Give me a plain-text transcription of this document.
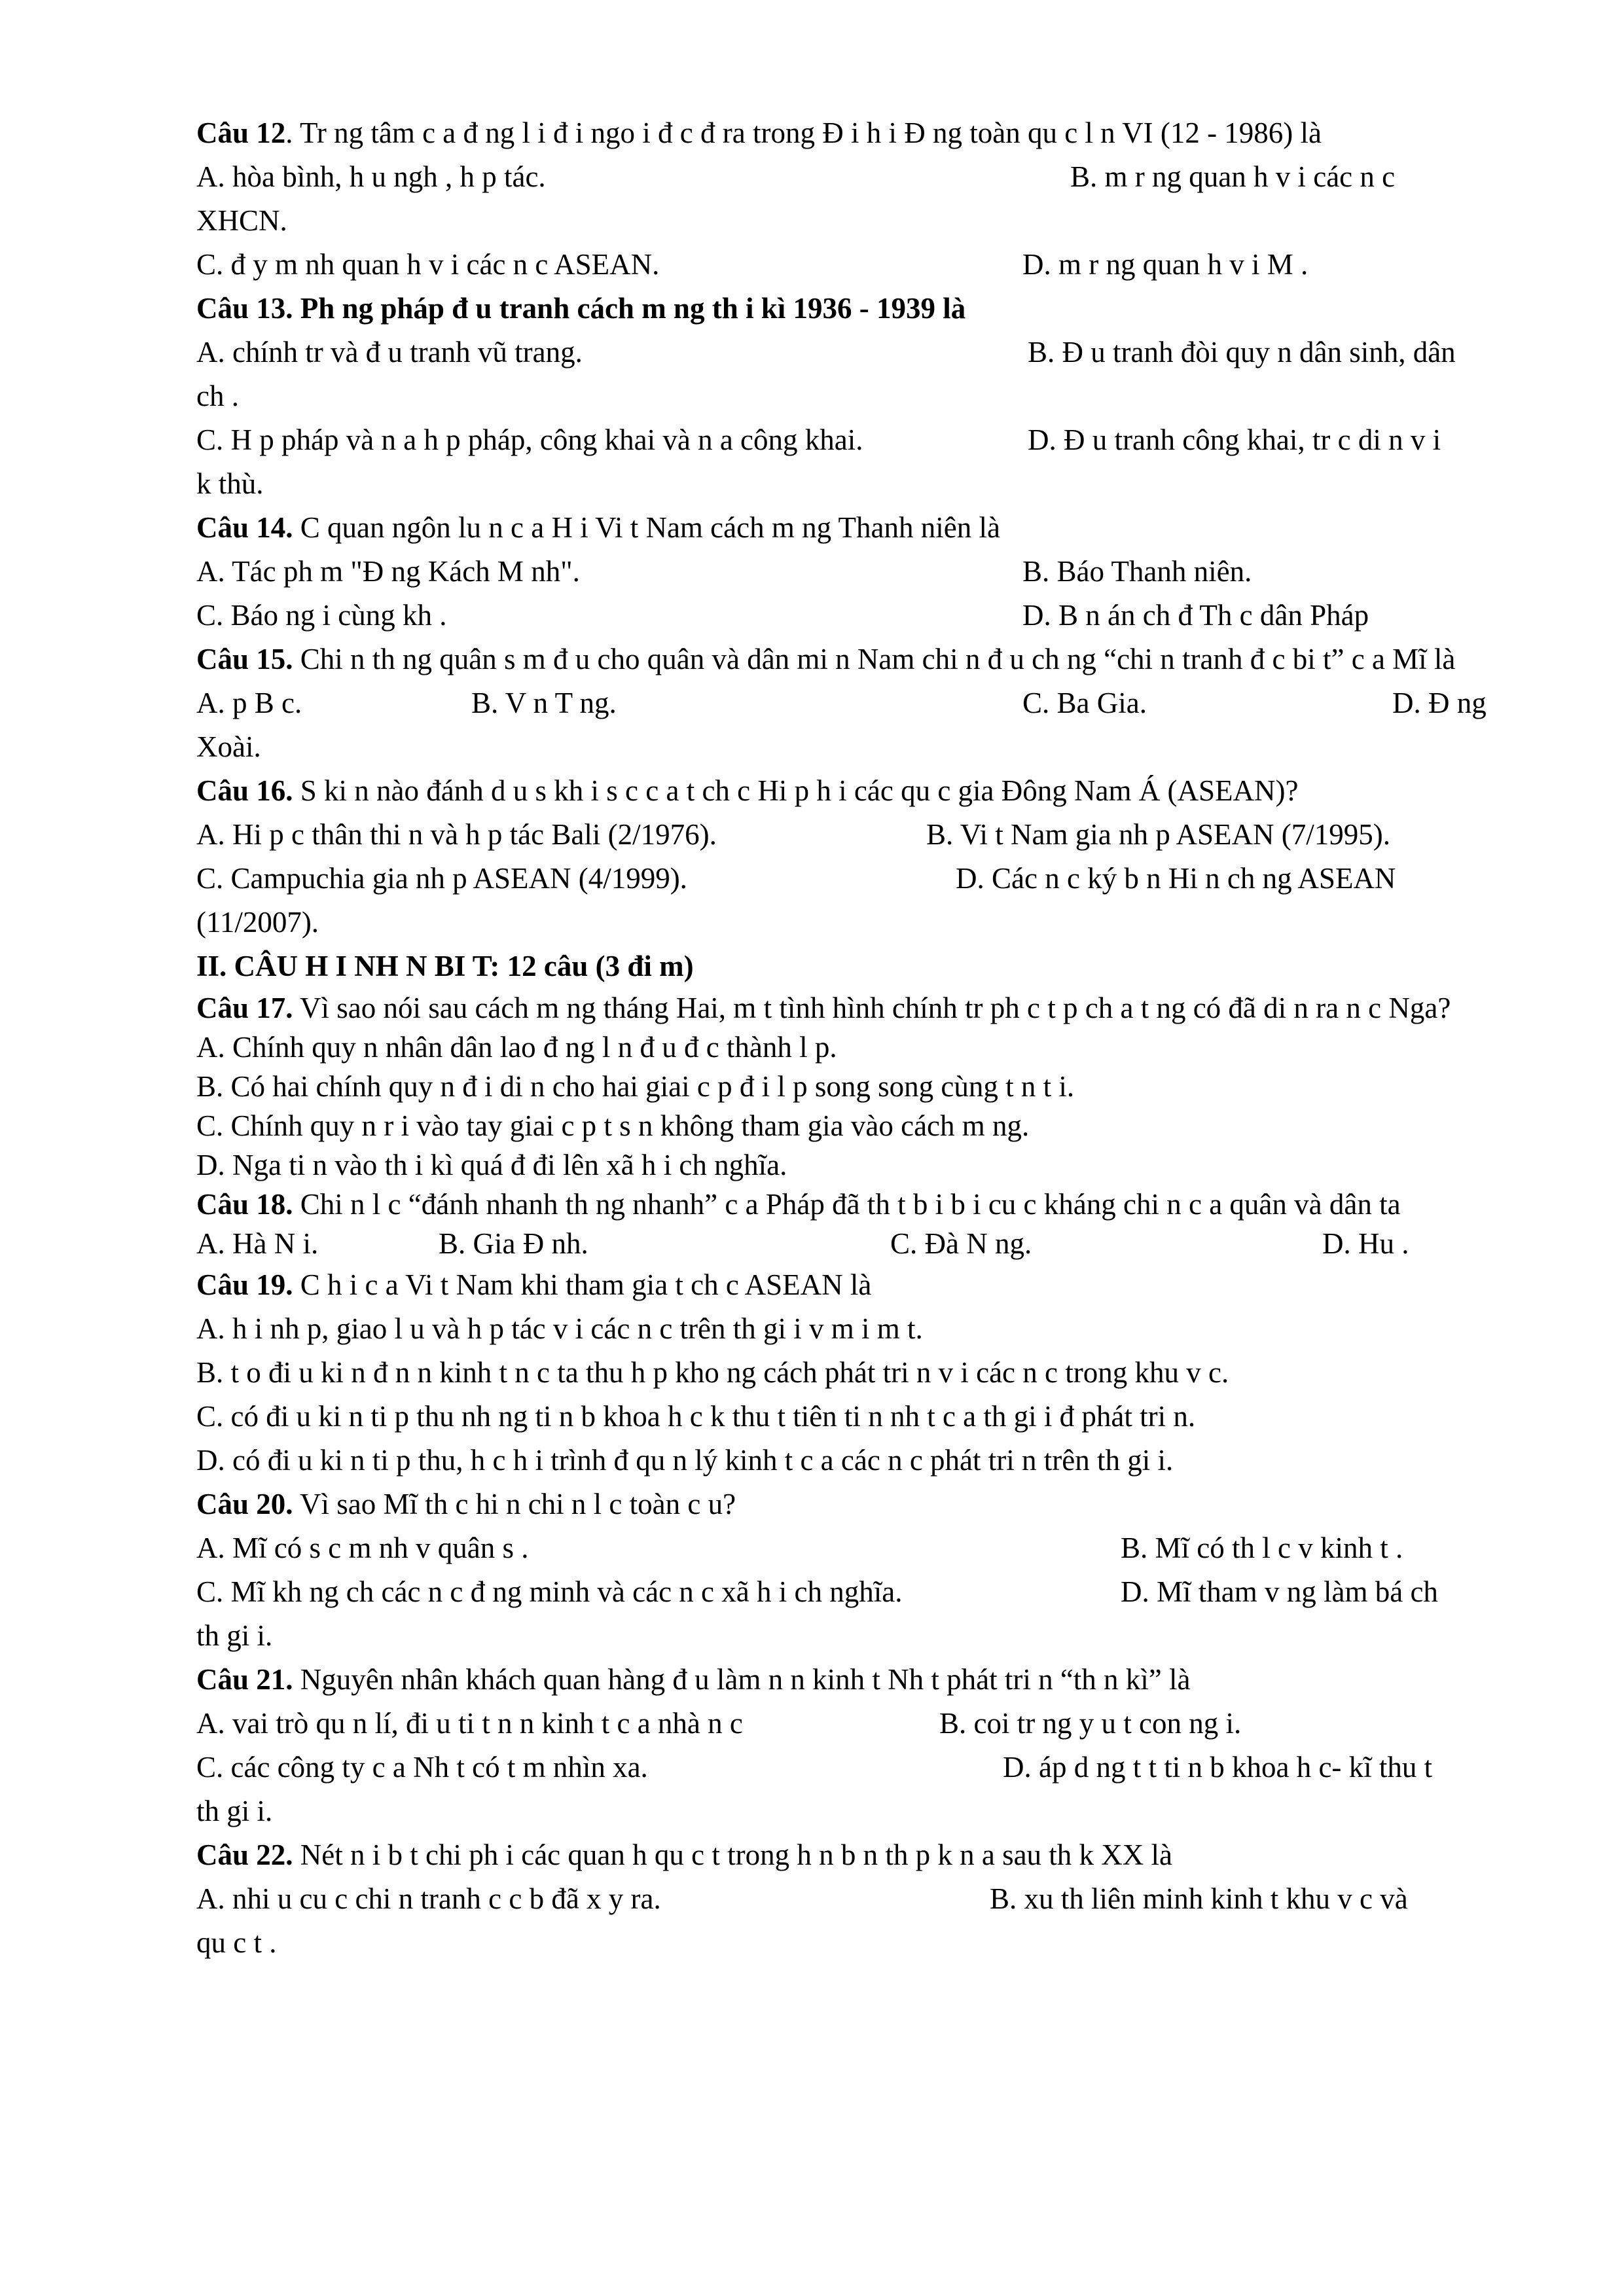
Câu 12. Tr ng tâm c a đ ng l i đ i ngo i đ c đ ra trong Đ i h i Đ ng toàn qu c l n VI (12 - 1986) là

A. hòa bình, h u ngh , h p tác.	B. m r ng quan h v i các n c

XHCN.

C. đ y m nh quan h v i các n c ASEAN.	D. m r ng quan h v i M .

Câu 13. Ph ng pháp đ u tranh cách m ng th i kì 1936 - 1939 là

A. chính tr và đ u tranh vũ trang.	B. Đ u tranh đòi quy n dân sinh, dân

ch .

C. H p pháp và n a h p pháp, công khai và n a công khai.	D. Đ u tranh công khai, tr c di n v i

k thù.

Câu 14. C quan ngôn lu n c a H i Vi t Nam cách m ng Thanh niên là

A. Tác ph m "Đ ng Kách M nh".	B. Báo Thanh niên.
C. Báo ng i cùng kh .	D. B n án ch đ Th c dân Pháp

Câu 15. Chi n th ng quân s m đ u cho quân và dân mi n Nam chi n đ u ch ng “chi n tranh đ c bi t” c a Mĩ là

A. p B c.	B. V n T ng.	C. Ba Gia.	D. Đ ng

Xoài.

Câu 16. S ki n nào đánh d u s kh i s c c a t ch c Hi p h i các qu c gia Đông Nam Á (ASEAN)?

A. Hi p c thân thi n và h p tác Bali (2/1976).	B. Vi t Nam gia nh p ASEAN (7/1995).
C. Campuchia gia nh p ASEAN (4/1999).	D. Các n c ký b n Hi n ch ng ASEAN

(11/2007).

II. CÂU H I NH N BI T: 12 câu (3 đi m)

Câu 17. Vì sao nói sau cách m ng tháng Hai, m t tình hình chính tr ph c t p ch a t ng có đã di n ra n c Nga?

A. Chính quy n nhân dân lao đ ng l n đ u đ c thành l p.

B. Có hai chính quy n đ i di n cho hai giai c p đ i l p song song cùng t n t i.

C. Chính quy n r i vào tay giai c p t s n không tham gia vào cách m ng.

D. Nga ti n vào th i kì quá đ đi lên xã h i ch nghĩa.

Câu 18. Chi n l c “đánh nhanh th ng nhanh” c a Pháp đã th t b i b i cu c kháng chi n c a quân và dân ta

A. Hà N i.	B. Gia Đ nh.	C. Đà N ng.	D. Hu .

Câu 19. C h i c a Vi t Nam khi tham gia t ch c ASEAN là

A. h i nh p, giao l u và h p tác v i các n c trên th gi i v m i m t.

B. t o đi u ki n đ n n kinh t n c ta thu h p kho ng cách phát tri n v i các n c trong khu v c.

C. có đi u ki n ti p thu nh ng ti n b khoa h c k thu t tiên ti n nh t c a th gi i đ phát tri n.

D. có đi u ki n ti p thu, h c h i trình đ qu n lý kinh t c a các n c phát tri n trên th gi i.

Câu 20. Vì sao Mĩ th c hi n chi n l c toàn c u?

A. Mĩ có s c m nh v quân s .	B. Mĩ có th l c v kinh t .
C. Mĩ kh ng ch các n c đ ng minh và các n c xã h i ch nghĩa.	D. Mĩ tham v ng làm bá ch

th gi i.

Câu 21. Nguyên nhân khách quan hàng đ u làm n n kinh t Nh t phát tri n “th n kì” là

A. vai trò qu n lí, đi u ti t n n kinh t c a nhà n c	B. coi tr ng y u t con ng i.
C. các công ty c a Nh t có t m nhìn xa.	D. áp d ng t t ti n b khoa h c- kĩ thu t

th gi i.

Câu 22. Nét n i b t chi ph i các quan h qu c t trong h n b n th p k n a sau th k XX là

A. nhi u cu c chi n tranh c c b đã x y ra.	B. xu th liên minh kinh t khu v c và

qu c t .
